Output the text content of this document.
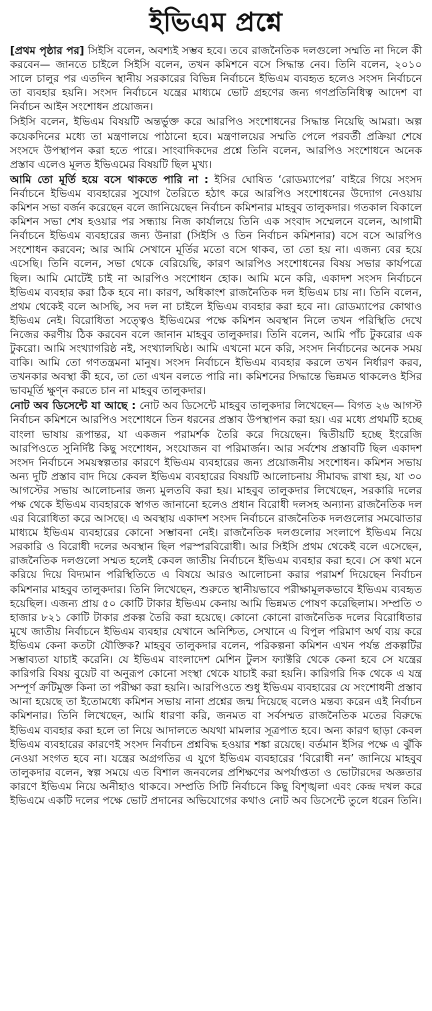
ইভিএম প্রশ্নে

[প্রথম পৃষ্ঠার পর] সিইসি বলেন, অবশ্যই সম্ভব হবে। তবে রাজনৈতিক দলগুলো সম্মতি না দিলে কী করবেন— জানতে চাইলে সিইসি বলেন, তখন কমিশনে বসে সিদ্ধান্ত নেব। তিনি বলেন, ২০১০ সালে চালুর পর এতদিন স্থানীয় সরকারের বিভিন্ন নির্বাচনে ইভিএম ব্যবহৃত হলেও সংসদ নির্বাচনে তা ব্যবহার হয়নি। সংসদ নির্বাচনে যন্ত্রের মাধ্যমে ভোট গ্রহণের জন্য গণপ্রতিনিধিত্ব আদেশ বা নির্বাচন আইন সংশোধন প্রয়োজন।

সিইসি বলেন, ইভিএম বিষয়টি অন্তর্ভুক্ত করে আরপিও সংশোধনের সিদ্ধান্ত নিয়েছি আমরা। অল্প কয়েকদিনের মধ্যে তা মন্ত্রণালয়ে পাঠানো হবে। মন্ত্রণালয়ের সম্মতি পেলে পরবর্তী প্রক্রিয়া শেষে সংসদে উপস্থাপন করা হতে পারে। সাংবাদিকদের প্রশ্নে তিনি বলেন, আরপিও সংশোধনে অনেক প্রস্তাব এলেও মূলত ইভিএমের বিষয়টি ছিল মুখ্য।

আমি তো মূর্তি হয়ে বসে থাকতে পারি না : ইসির ঘোষিত ‘রোডম্যাপের’ বাইরে গিয়ে সংসদ নির্বাচনে ইভিএম ব্যবহারের সুযোগ তৈরিতে হঠাৎ করে আরপিও সংশোধনের উদ্যোগ নেওয়ায় কমিশন সভা বর্জন করেছেন বলে জানিয়েছেন নির্বাচন কমিশনার মাহবুব তালুকদার। গতকাল বিকালে কমিশন সভা শেষ হওয়ার পর সন্ধ্যায় নিজ কার্যালয়ে তিনি এক সংবাদ সম্মেলনে বলেন, আগামী নির্বাচনে ইভিএম ব্যবহারের জন্য উনারা (সিইসি ও তিন নির্বাচন কমিশনার) বসে বসে আরপিও সংশোধন করবেন; আর আমি সেখানে মূর্তির মতো বসে থাকব, তা তো হয় না। এজন্য বের হয়ে এসেছি। তিনি বলেন, সভা থেকে বেরিয়েছি, কারণ আরপিও সংশোধনের বিষয় সভার কার্যপত্রে ছিল। আমি মোটেই চাই না আরপিও সংশোধন হোক। আমি মনে করি, একাদশ সংসদ নির্বাচনে ইভিএম ব্যবহার করা ঠিক হবে না। কারণ, অধিকাংশ রাজনৈতিক দল ইভিএম চায় না। তিনি বলেন, প্রথম থেকেই বলে আসছি, সব দল না চাইলে ইভিএম ব্যবহার করা হবে না। রোডম্যাপের কোথাও ইভিএম নেই। বিরোধিতা সত্ত্বেও ইভিএমের পক্ষে কমিশন অবস্থান নিলে তখন পরিস্থিতি দেখে নিজের করণীয় ঠিক করবেন বলে জানান মাহবুব তালুকদার। তিনি বলেন, আমি পাঁচ টুকরোর এক টুকরো। আমি সংখ্যাগরিষ্ঠ নই, সংখ্যালঘিষ্ঠ। আমি এখনো মনে করি, সংসদ নির্বাচনের অনেক সময় বাকি। আমি তো গণতন্ত্রমনা মানুষ। সংসদ নির্বাচনে ইভিএম ব্যবহার করলে তখন নির্ধারণ করব, তখনকার অবস্থা কী হবে, তা তো এখন বলতে পারি না। কমিশনের সিদ্ধান্তে ভিন্নমত থাকলেও ইসির ভাবমূর্তি ক্ষুণ্ন করতে চান না মাহবুব তালুকদার।

নোট অব ডিসেন্টে যা আছে : নোট অব ডিসেন্টে মাহবুব তালুকদার লিখেছেন— বিগত ২৬ আগস্ট নির্বাচন কমিশনে আরপিও সংশোধনে তিন ধরনের প্রস্তাব উপস্থাপন করা হয়। এর মধ্যে প্রথমটি হচ্ছে বাংলা ভাষায় রূপান্তর, যা একজন পরামর্শক তৈরি করে দিয়েছেন। দ্বিতীয়টি হচ্ছে ইংরেজি আরপিওতে সুনির্দিষ্ট কিছু সংশোধন, সংযোজন বা পরিমার্জন। আর সর্বশেষ প্রস্তাবটি ছিল একাদশ সংসদ নির্বাচনে সময়স্বল্পতার কারণে ইভিএম ব্যবহারের জন্য প্রয়োজনীয় সংশোধন। কমিশন সভায় অন্য দুটি প্রস্তাব বাদ দিয়ে কেবল ইভিএম ব্যবহারের বিষয়টি আলোচনায় সীমাবদ্ধ রাখা হয়, যা ৩০ আগস্টের সভায় আলোচনার জন্য মুলতবি করা হয়। মাহবুব তালুকদার লিখেছেন, সরকারি দলের পক্ষ থেকে ইভিএম ব্যবহারকে স্বাগত জানানো হলেও প্রধান বিরোধী দলসহ অন্যান্য রাজনৈতিক দল এর বিরোধিতা করে আসছে। এ অবস্থায় একাদশ সংসদ নির্বাচনে রাজনৈতিক দলগুলোর সমঝোতার মাধ্যমে ইভিএম ব্যবহারের কোনো সম্ভাবনা নেই। রাজনৈতিক দলগুলোর সংলাপে ইভিএম নিয়ে সরকারি ও বিরোধী দলের অবস্থান ছিল পরস্পরবিরোধী। আর সিইসি প্রথম থেকেই বলে এসেছেন, রাজনৈতিক দলগুলো সম্মত হলেই কেবল জাতীয় নির্বাচনে ইভিএম ব্যবহার করা হবে। সে কথা মনে করিয়ে দিয়ে বিদ্যমান পরিস্থিতিতে এ বিষয়ে আরও আলোচনা করার পরামর্শ দিয়েছেন নির্বাচন কমিশনার মাহবুব তালুকদার। তিনি লিখেছেন, শুরুতে স্থানীয়ভাবে পরীক্ষামূলকভাবে ইভিএম ব্যবহৃত হয়েছিল। এজন্য প্রায় ৫০ কোটি টাকার ইভিএম কেনায় আমি ভিন্নমত পোষণ করেছিলাম। সম্প্রতি ৩ হাজার ৮২১ কোটি টাকার প্রকল্প তৈরি করা হয়েছে। কোনো কোনো রাজনৈতিক দলের বিরোধিতার মুখে জাতীয় নির্বাচনে ইভিএম ব্যবহার যেখানে অনিশ্চিত, সেখানে এ বিপুল পরিমাণ অর্থ ব্যয় করে ইভিএম কেনা কতটা যৌক্তিক? মাহবুব তালুকদার বলেন, পরিকল্পনা কমিশন এখন পর্যন্ত প্রকল্পটির সম্ভাব্যতা যাচাই করেনি। যে ইভিএম বাংলাদেশ মেশিন টুলস ফ্যাক্টরি থেকে কেনা হবে সে যন্ত্রের কারিগরি বিষয় বুয়েট বা অনুরূপ কোনো সংস্থা থেকে যাচাই করা হয়নি। কারিগরি দিক থেকে এ যন্ত্র সম্পূর্ণ ক্রটিমুক্ত কিনা তা পরীক্ষা করা হয়নি। আরপিওতে শুধু ইভিএম ব্যবহারের যে সংশোধনী প্রস্তাব আনা হয়েছে তা ইতোমধ্যে কমিশন সভায় নানা প্রশ্নের জন্ম দিয়েছে বলেও মন্তব্য করেন এই নির্বাচন কমিশনার। তিনি লিখেছেন, আমি ধারণা করি, জনমত বা সর্বসম্মত রাজনৈতিক মতের বিরুদ্ধে ইভিএম ব্যবহার করা হলে তা নিয়ে আদালতে অযথা মামলার সূত্রপাত হবে। অন্য কারণ ছাড়া কেবল ইভিএম ব্যবহারের কারণেই সংসদ নির্বাচন প্রশ্নবিদ্ধ হওয়ার শঙ্কা রয়েছে। বর্তমান ইসির পক্ষে এ ঝুঁকি নেওয়া সংগত হবে না। যন্ত্রের অগ্রগতির এ যুগে ইভিএম ব্যবহারের ‘বিরোধী নন’ জানিয়ে মাহবুব তালুকদার বলেন, স্বল্প সময়ে এত বিশাল জনবলের প্রশিক্ষণের অপর্যাপ্ততা ও ভোটারদের অজ্ঞতার কারণে ইভিএম নিয়ে অনীহাও থাকবে। সম্প্রতি সিটি নির্বাচনে কিছু বিশৃঙ্খলা এবং কেন্দ্র দখল করে ইভিএমে একটি দলের পক্ষে ভোট প্রদানের অভিযোগের কথাও নোট অব ডিসেন্টে তুলে ধরেন তিনি।
